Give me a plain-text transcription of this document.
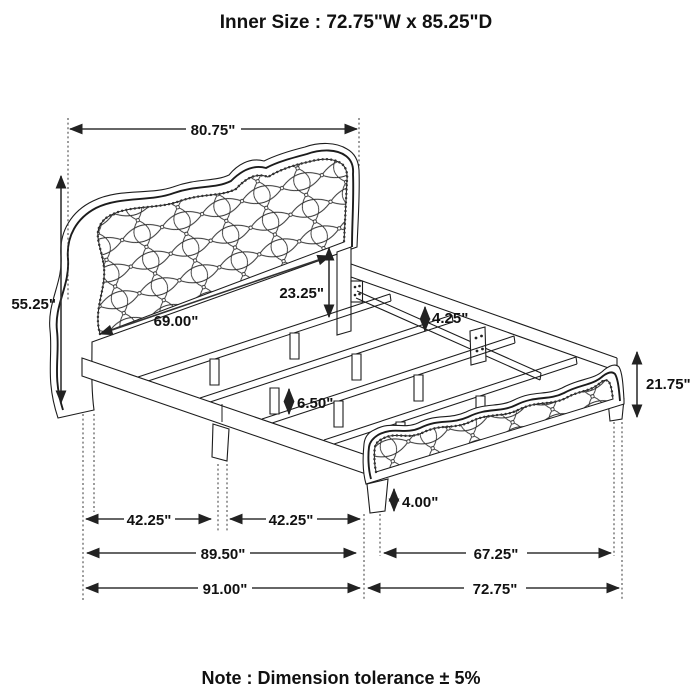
Inner Size : 72.75"W x 85.25"D
Note : Dimension tolerance ± 5%
80.75"
55.25"
69.00"
23.25"
4.25"
6.50"
21.75"
4.00"
42.25"	42.25"
89.50"	67.25"
91.00"	72.75"
